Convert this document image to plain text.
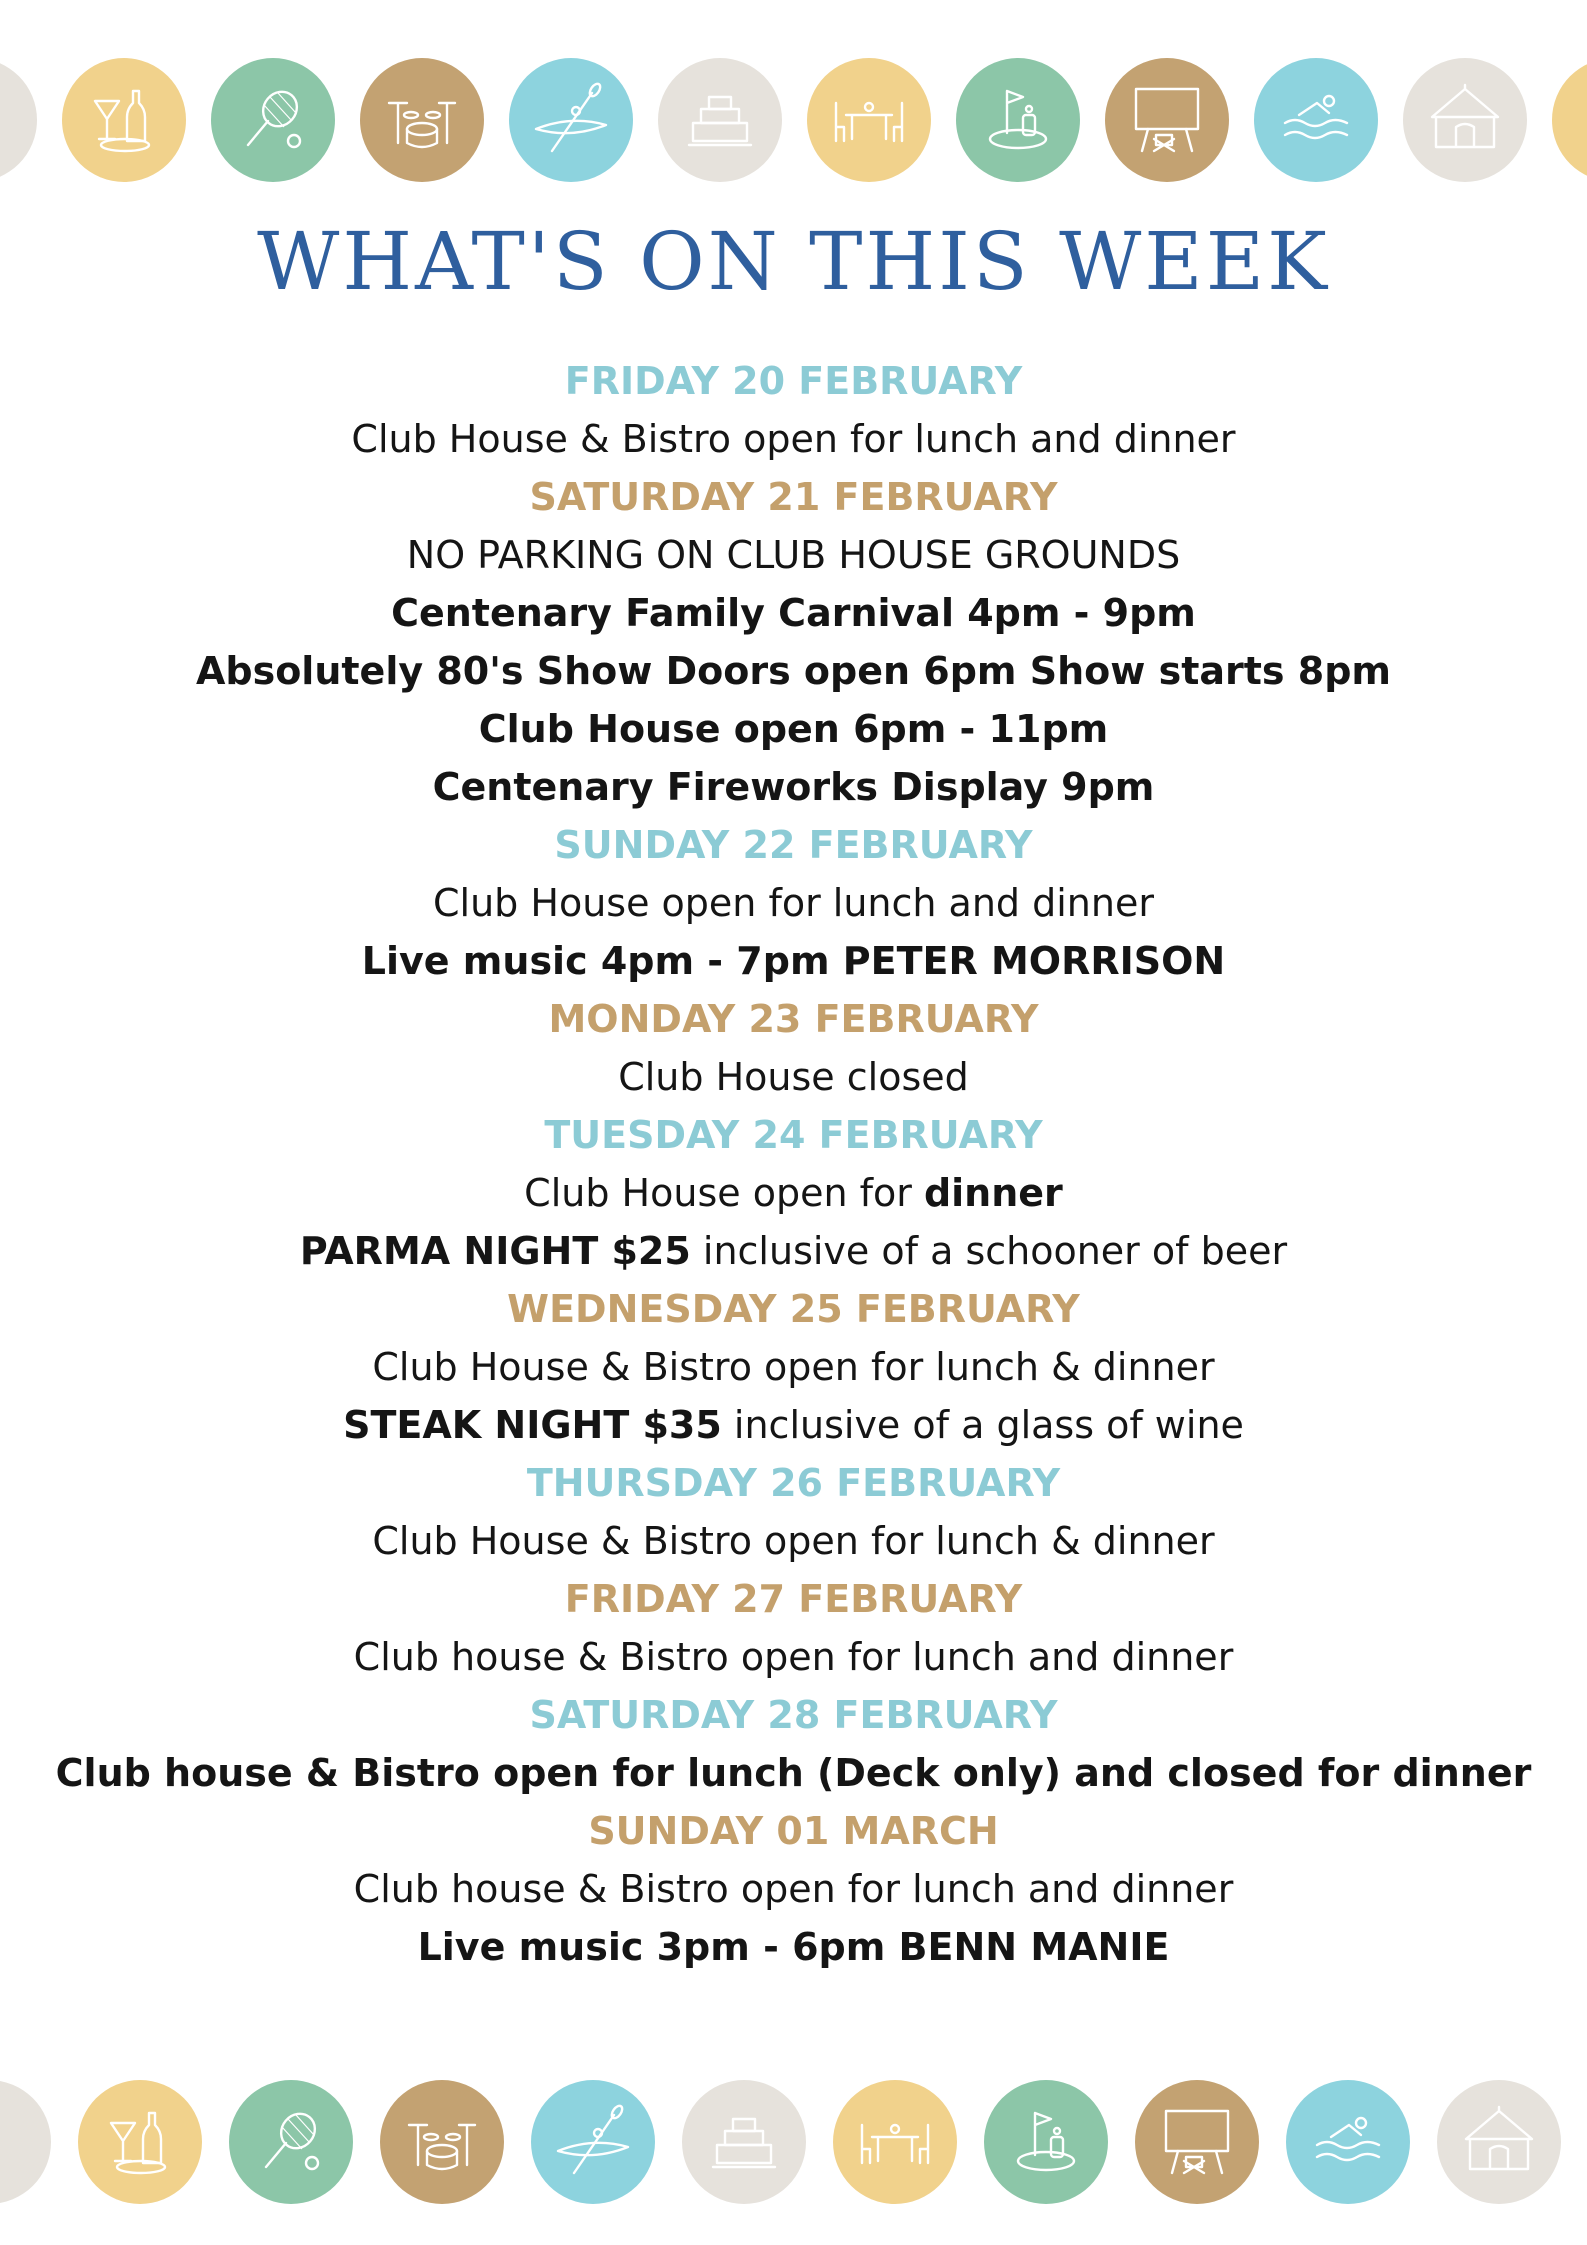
WHAT'S ON THIS WEEK
FRIDAY 20 FEBRUARY
Club House & Bistro open for lunch and dinner
SATURDAY 21 FEBRUARY
NO PARKING ON CLUB HOUSE GROUNDS
Centenary Family Carnival 4pm - 9pm
Absolutely 80's Show Doors open 6pm Show starts 8pm
Club House open 6pm - 11pm
Centenary Fireworks Display 9pm
SUNDAY 22 FEBRUARY
Club House open for lunch and dinner
Live music 4pm - 7pm PETER MORRISON
MONDAY 23 FEBRUARY
Club House closed
TUESDAY 24 FEBRUARY
Club House open for dinner
PARMA NIGHT $25 inclusive of a schooner of beer
WEDNESDAY 25 FEBRUARY
Club House & Bistro open for lunch & dinner
STEAK NIGHT $35 inclusive of a glass of wine
THURSDAY 26 FEBRUARY
Club House & Bistro open for lunch & dinner
FRIDAY 27 FEBRUARY
Club house & Bistro open for lunch and dinner
SATURDAY 28 FEBRUARY
Club house & Bistro open for lunch (Deck only) and closed for dinner
SUNDAY 01 MARCH
Club house & Bistro open for lunch and dinner
Live music 3pm - 6pm BENN MANIE
